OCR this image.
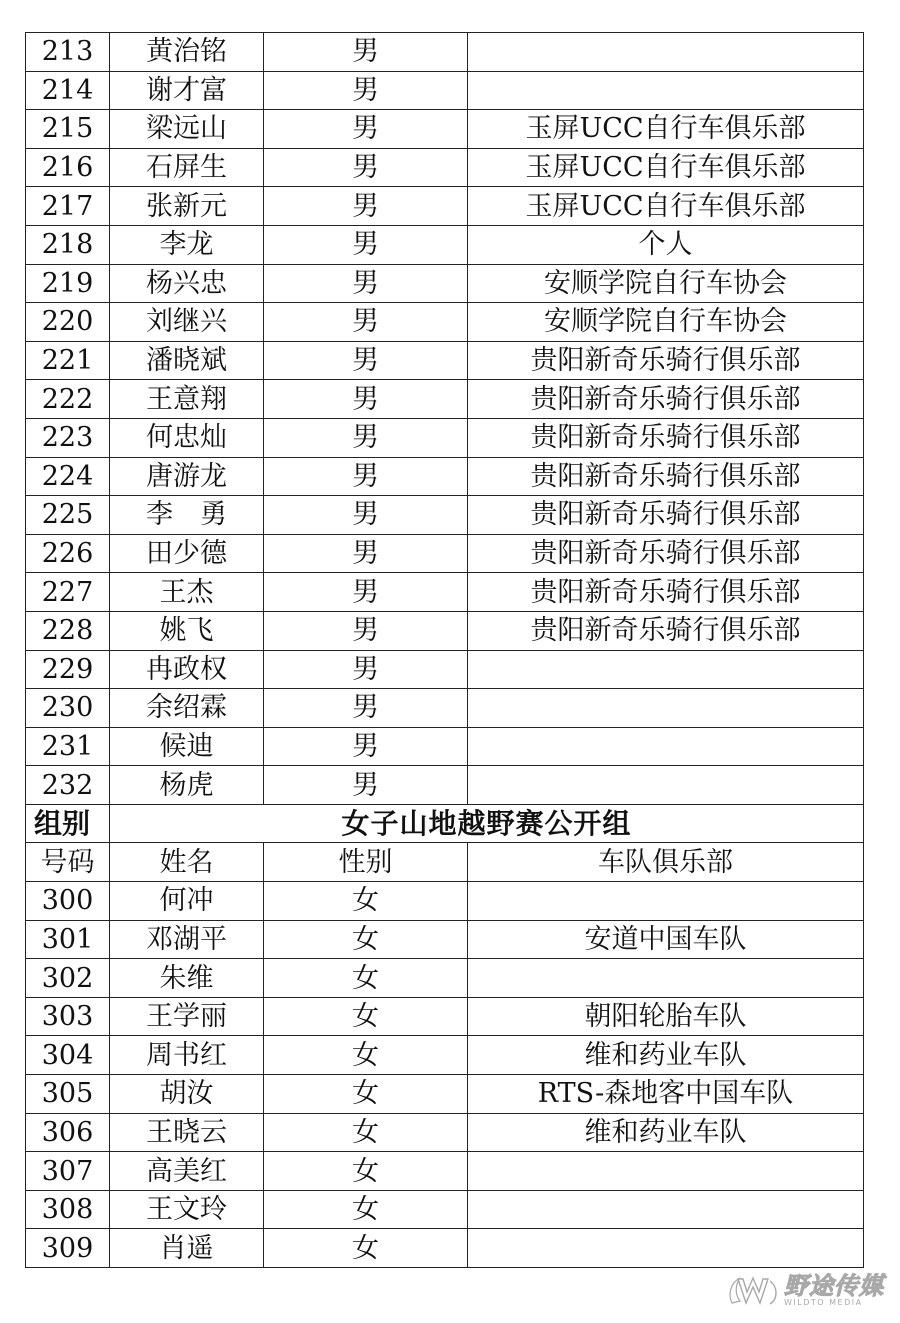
213	黄治铭	男	
214	谢才富	男	
215	梁远山	男	玉屏UCC自行车俱乐部
216	石屏生	男	玉屏UCC自行车俱乐部
217	张新元	男	玉屏UCC自行车俱乐部
218	李龙	男	个人
219	杨兴忠	男	安顺学院自行车协会
220	刘继兴	男	安顺学院自行车协会
221	潘晓斌	男	贵阳新奇乐骑行俱乐部
222	王意翔	男	贵阳新奇乐骑行俱乐部
223	何忠灿	男	贵阳新奇乐骑行俱乐部
224	唐游龙	男	贵阳新奇乐骑行俱乐部
225	李　勇	男	贵阳新奇乐骑行俱乐部
226	田少德	男	贵阳新奇乐骑行俱乐部
227	王杰	男	贵阳新奇乐骑行俱乐部
228	姚飞	男	贵阳新奇乐骑行俱乐部
229	冉政权	男	
230	余绍霖	男	
231	候迪	男	
232	杨虎	男	
组别	女子山地越野赛公开组		
号码	姓名	性别	车队俱乐部
300	何冲	女	
301	邓湖平	女	安道中国车队
302	朱维	女	
303	王学丽	女	朝阳轮胎车队
304	周书红	女	维和药业车队
305	胡汝	女	RTS-森地客中国车队
306	王晓云	女	维和药业车队
307	高美红	女	
308	王文玲	女	
309	肖遥	女	
野途传媒
WILDTO MEDIA
